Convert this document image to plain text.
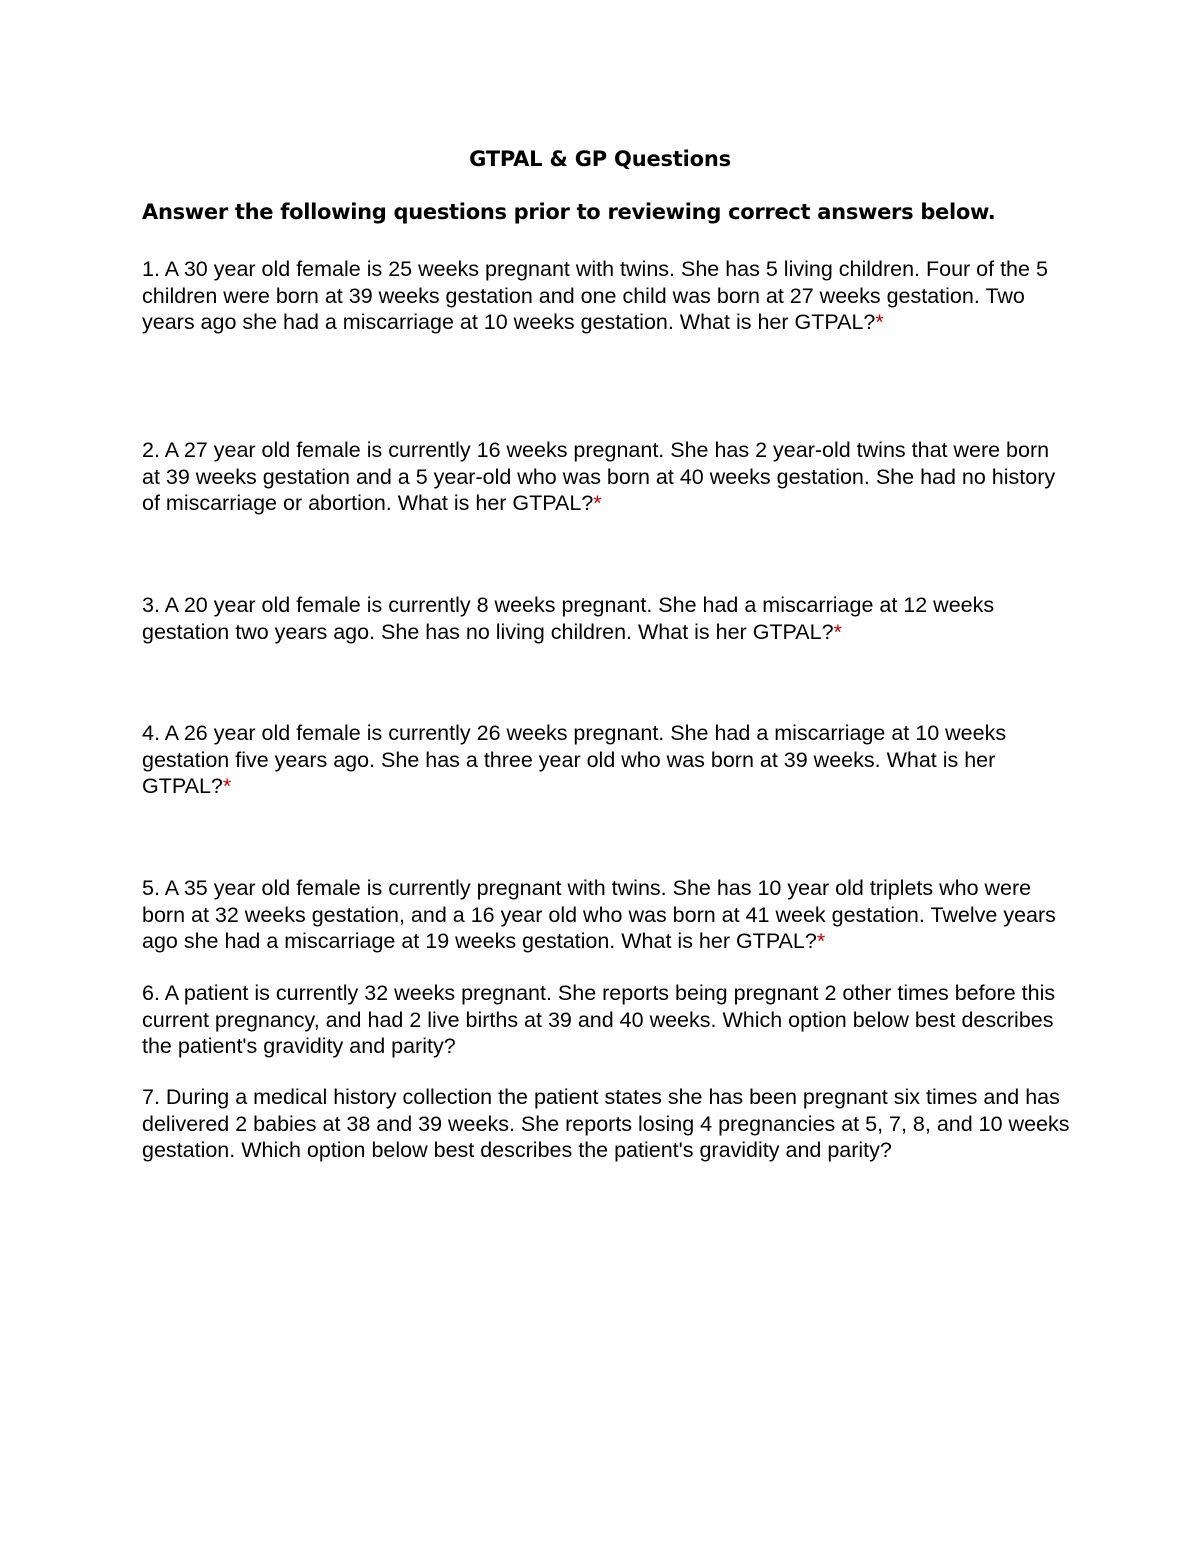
GTPAL & GP Questions
Answer the following questions prior to reviewing correct answers below.
1. A 30 year old female is 25 weeks pregnant with twins. She has 5 living children. Four of the 5 children were born at 39 weeks gestation and one child was born at 27 weeks gestation. Two years ago she had a miscarriage at 10 weeks gestation. What is her GTPAL?*
2. A 27 year old female is currently 16 weeks pregnant. She has 2 year-old twins that were born at 39 weeks gestation and a 5 year-old who was born at 40 weeks gestation. She had no history of miscarriage or abortion. What is her GTPAL?*
3. A 20 year old female is currently 8 weeks pregnant. She had a miscarriage at 12 weeks gestation two years ago. She has no living children. What is her GTPAL?*
4. A 26 year old female is currently 26 weeks pregnant. She had a miscarriage at 10 weeks gestation five years ago. She has a three year old who was born at 39 weeks. What is her GTPAL?*
5. A 35 year old female is currently pregnant with twins. She has 10 year old triplets who were born at 32 weeks gestation, and a 16 year old who was born at 41 week gestation. Twelve years ago she had a miscarriage at 19 weeks gestation. What is her GTPAL?*
6. A patient is currently 32 weeks pregnant. She reports being pregnant 2 other times before this current pregnancy, and had 2 live births at 39 and 40 weeks. Which option below best describes the patient's gravidity and parity?
7. During a medical history collection the patient states she has been pregnant six times and has delivered 2 babies at 38 and 39 weeks. She reports losing 4 pregnancies at 5, 7, 8, and 10 weeks gestation. Which option below best describes the patient's gravidity and parity?
